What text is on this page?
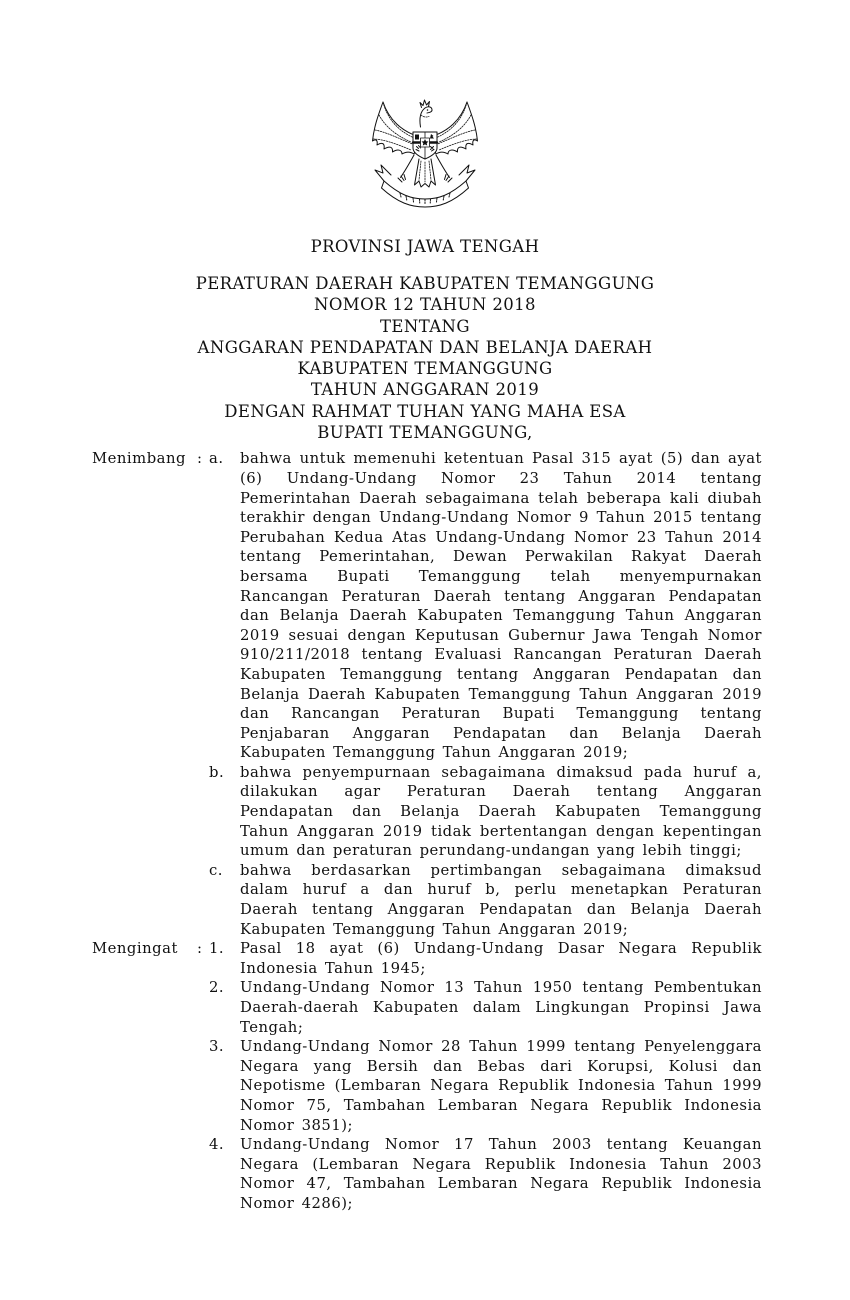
PROVINSI JAWA TENGAH
PERATURAN DAERAH KABUPATEN TEMANGGUNG
NOMOR 12 TAHUN 2018
TENTANG
ANGGARAN PENDAPATAN DAN BELANJA DAERAH
KABUPATEN TEMANGGUNG
TAHUN ANGGARAN 2019
DENGAN RAHMAT TUHAN YANG MAHA ESA
BUPATI TEMANGGUNG,
Menimbang : a.	bahwa untuk memenuhi ketentuan Pasal 315 ayat (5) dan ayat
(6) Undang-Undang Nomor 23 Tahun 2014 tentang
Pemerintahan Daerah sebagaimana telah beberapa kali diubah
terakhir dengan Undang-Undang Nomor 9 Tahun 2015 tentang
Perubahan Kedua Atas Undang-Undang Nomor 23 Tahun 2014
tentang Pemerintahan, Dewan Perwakilan Rakyat Daerah
bersama Bupati Temanggung telah menyempurnakan
Rancangan Peraturan Daerah tentang Anggaran Pendapatan
dan Belanja Daerah Kabupaten Temanggung Tahun Anggaran
2019 sesuai dengan Keputusan Gubernur Jawa Tengah Nomor
910/211/2018 tentang Evaluasi Rancangan Peraturan Daerah
Kabupaten Temanggung tentang Anggaran Pendapatan dan
Belanja Daerah Kabupaten Temanggung Tahun Anggaran 2019
dan Rancangan Peraturan Bupati Temanggung tentang
Penjabaran Anggaran Pendapatan dan Belanja Daerah
Kabupaten Temanggung Tahun Anggaran 2019;
b.	bahwa penyempurnaan sebagaimana dimaksud pada huruf a,
dilakukan agar Peraturan Daerah tentang Anggaran
Pendapatan dan Belanja Daerah Kabupaten Temanggung
Tahun Anggaran 2019 tidak bertentangan dengan kepentingan
umum dan peraturan perundang-undangan yang lebih tinggi;
c.	bahwa berdasarkan pertimbangan sebagaimana dimaksud
dalam huruf a dan huruf b, perlu menetapkan Peraturan
Daerah tentang Anggaran Pendapatan dan Belanja Daerah
Kabupaten Temanggung Tahun Anggaran 2019;
Mengingat	: 1.	Pasal 18 ayat (6) Undang-Undang Dasar Negara Republik
Indonesia Tahun 1945;
2.	Undang-Undang Nomor 13 Tahun 1950 tentang Pembentukan
Daerah-daerah Kabupaten dalam Lingkungan Propinsi Jawa
Tengah;
3.	Undang-Undang Nomor 28 Tahun 1999 tentang Penyelenggara
Negara yang Bersih dan Bebas dari Korupsi, Kolusi dan
Nepotisme (Lembaran Negara Republik Indonesia Tahun 1999
Nomor 75, Tambahan Lembaran Negara Republik Indonesia
Nomor 3851);
4.	Undang-Undang Nomor 17 Tahun 2003 tentang Keuangan
Negara (Lembaran Negara Republik Indonesia Tahun 2003
Nomor 47, Tambahan Lembaran Negara Republik Indonesia
Nomor 4286);
